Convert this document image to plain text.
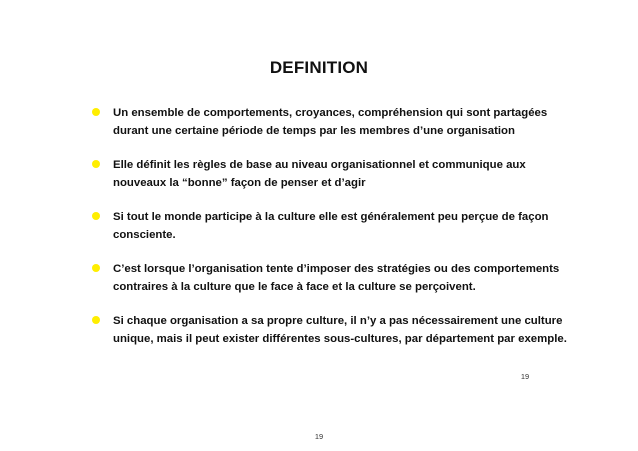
DEFINITION
Un ensemble de comportements, croyances, compréhension qui sont partagées durant une certaine période de temps par les membres d’une organisation
Elle définit les règles de base au niveau organisationnel et communique aux nouveaux la “bonne” façon de penser et d’agir
Si tout le monde participe à la culture elle est généralement peu perçue de façon consciente.
C’est lorsque l’organisation tente d’imposer des stratégies ou des comportements contraires à la culture que le face à face et la culture se perçoivent.
Si chaque organisation a sa propre culture, il n’y a pas nécessairement une culture unique, mais il peut exister différentes sous-cultures, par département par exemple.
19
19
